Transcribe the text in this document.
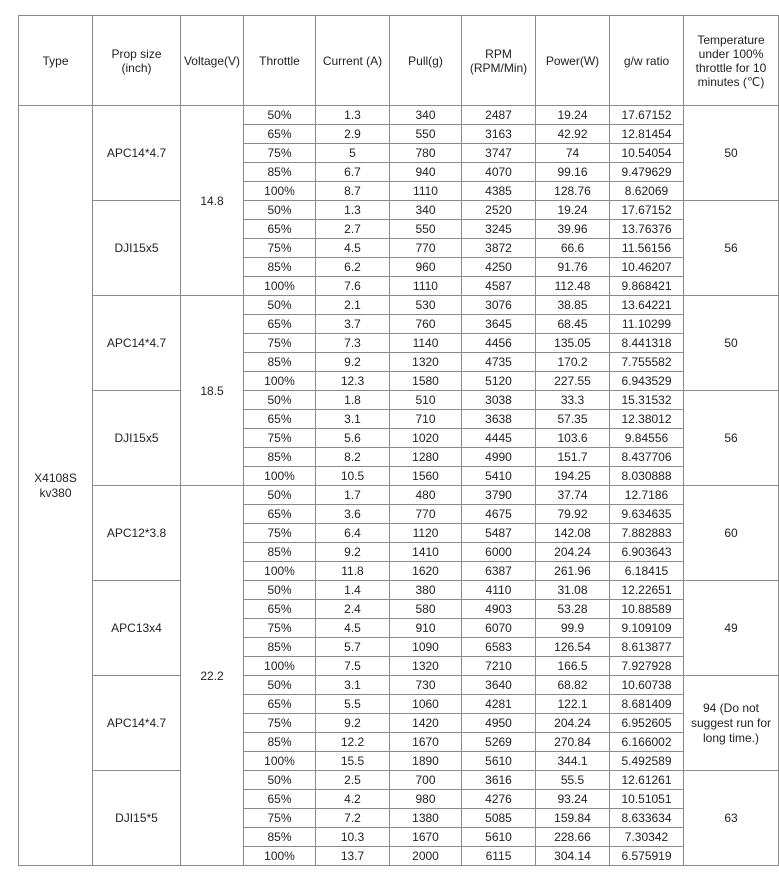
Type	Prop size (inch)	Voltage(V)	Throttle	Current (A)	Pull(g)	RPM (RPM/Min)	Power(W)	g/w ratio	Temperature under 100% throttle for 10 minutes (℃)
X4108S kv380	APC14*4.7	14.8	50%	1.3	340	2487	19.24	17.67152	50
			65%	2.9	550	3163	42.92	12.81454	
			75%	5	780	3747	74	10.54054	
			85%	6.7	940	4070	99.16	9.479629	
			100%	8.7	1110	4385	128.76	8.62069	
	DJI15x5		50%	1.3	340	2520	19.24	17.67152	56
			65%	2.7	550	3245	39.96	13.76376	
			75%	4.5	770	3872	66.6	11.56156	
			85%	6.2	960	4250	91.76	10.46207	
			100%	7.6	1110	4587	112.48	9.868421	
	APC14*4.7	18.5	50%	2.1	530	3076	38.85	13.64221	50
			65%	3.7	760	3645	68.45	11.10299	
			75%	7.3	1140	4456	135.05	8.441318	
			85%	9.2	1320	4735	170.2	7.755582	
			100%	12.3	1580	5120	227.55	6.943529	
	DJI15x5		50%	1.8	510	3038	33.3	15.31532	56
			65%	3.1	710	3638	57.35	12.38012	
			75%	5.6	1020	4445	103.6	9.84556	
			85%	8.2	1280	4990	151.7	8.437706	
			100%	10.5	1560	5410	194.25	8.030888	
	APC12*3.8	22.2	50%	1.7	480	3790	37.74	12.7186	60
			65%	3.6	770	4675	79.92	9.634635	
			75%	6.4	1120	5487	142.08	7.882883	
			85%	9.2	1410	6000	204.24	6.903643	
			100%	11.8	1620	6387	261.96	6.18415	
	APC13x4		50%	1.4	380	4110	31.08	12.22651	49
			65%	2.4	580	4903	53.28	10.88589	
			75%	4.5	910	6070	99.9	9.109109	
			85%	5.7	1090	6583	126.54	8.613877	
			100%	7.5	1320	7210	166.5	7.927928	
	APC14*4.7		50%	3.1	730	3640	68.82	10.60738	94 (Do not suggest run for long time.)
			65%	5.5	1060	4281	122.1	8.681409	
			75%	9.2	1420	4950	204.24	6.952605	
			85%	12.2	1670	5269	270.84	6.166002	
			100%	15.5	1890	5610	344.1	5.492589	
	DJI15*5		50%	2.5	700	3616	55.5	12.61261	63
			65%	4.2	980	4276	93.24	10.51051	
			75%	7.2	1380	5085	159.84	8.633634	
			85%	10.3	1670	5610	228.66	7.30342	
			100%	13.7	2000	6115	304.14	6.575919	
